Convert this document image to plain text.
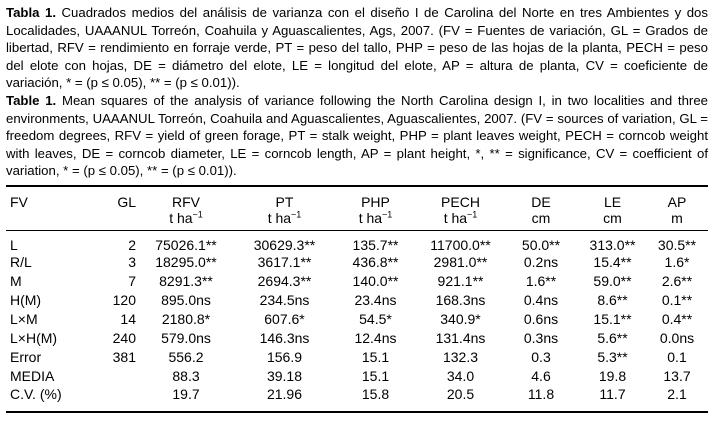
Tabla 1. Cuadrados medios del análisis de varianza con el diseño I de Carolina del Norte en tres Ambientes y dos Localidades, UAAANUL Torreón, Coahuila y Aguascalientes, Ags, 2007. (FV = Fuentes de variación, GL = Grados de libertad, RFV = rendimiento en forraje verde, PT = peso del tallo, PHP = peso de las hojas de la planta, PECH = peso del elote con hojas, DE = diámetro del elote, LE = longitud del elote, AP = altura de planta, CV = coeficiente de variación, * = (p ≤ 0.05), ** = (p ≤ 0.01)).

Table 1. Mean squares of the analysis of variance following the North Carolina design I, in two localities and three environments, UAAANUL Torreón, Coahuila and Aguascalientes, Aguascalientes, 2007. (FV = sources of variation, GL = freedom degrees, RFV = yield of green forage, PT = stalk weight, PHP = plant leaves weight, PECH = corncob weight with leaves, DE = corncob diameter, LE = corncob length, AP = plant height, *, ** = significance, CV = coefficient of variation, * = (p ≤ 0.05), ** = (p ≤ 0.01)).

FV	GL	RFV	PT	PHP	PECH	DE	LE	AP
		t $ha^{-1}$	t $ha^{-1}$	t $ha^{-1}$	t $ha^{-1}$	cm	cm	m
L	2	75026.1**	30629.3**	135.7**	11700.0**	50.0**	313.0**	30.5**
R/L	3	18295.0**	3617.1**	436.8**	2981.0**	0.2ns	15.4**	1.6*
M	7	8291.3**	2694.3**	140.0**	921.1**	1.6**	59.0**	2.6**
H(M)	120	895.0ns	234.5ns	23.4ns	168.3ns	0.4ns	8.6**	0.1**
L×M	14	2180.8*	607.6*	54.5*	340.9*	0.6ns	15.1**	0.4**
L×H(M)	240	579.0ns	146.3ns	12.4ns	131.4ns	0.3ns	5.6**	0.0ns
Error	381	556.2	156.9	15.1	132.3	0.3	5.3**	0.1
MEDIA		88.3	39.18	15.1	34.0	4.6	19.8	13.7
C.V. (%)		19.7	21.96	15.8	20.5	11.8	11.7	2.1
